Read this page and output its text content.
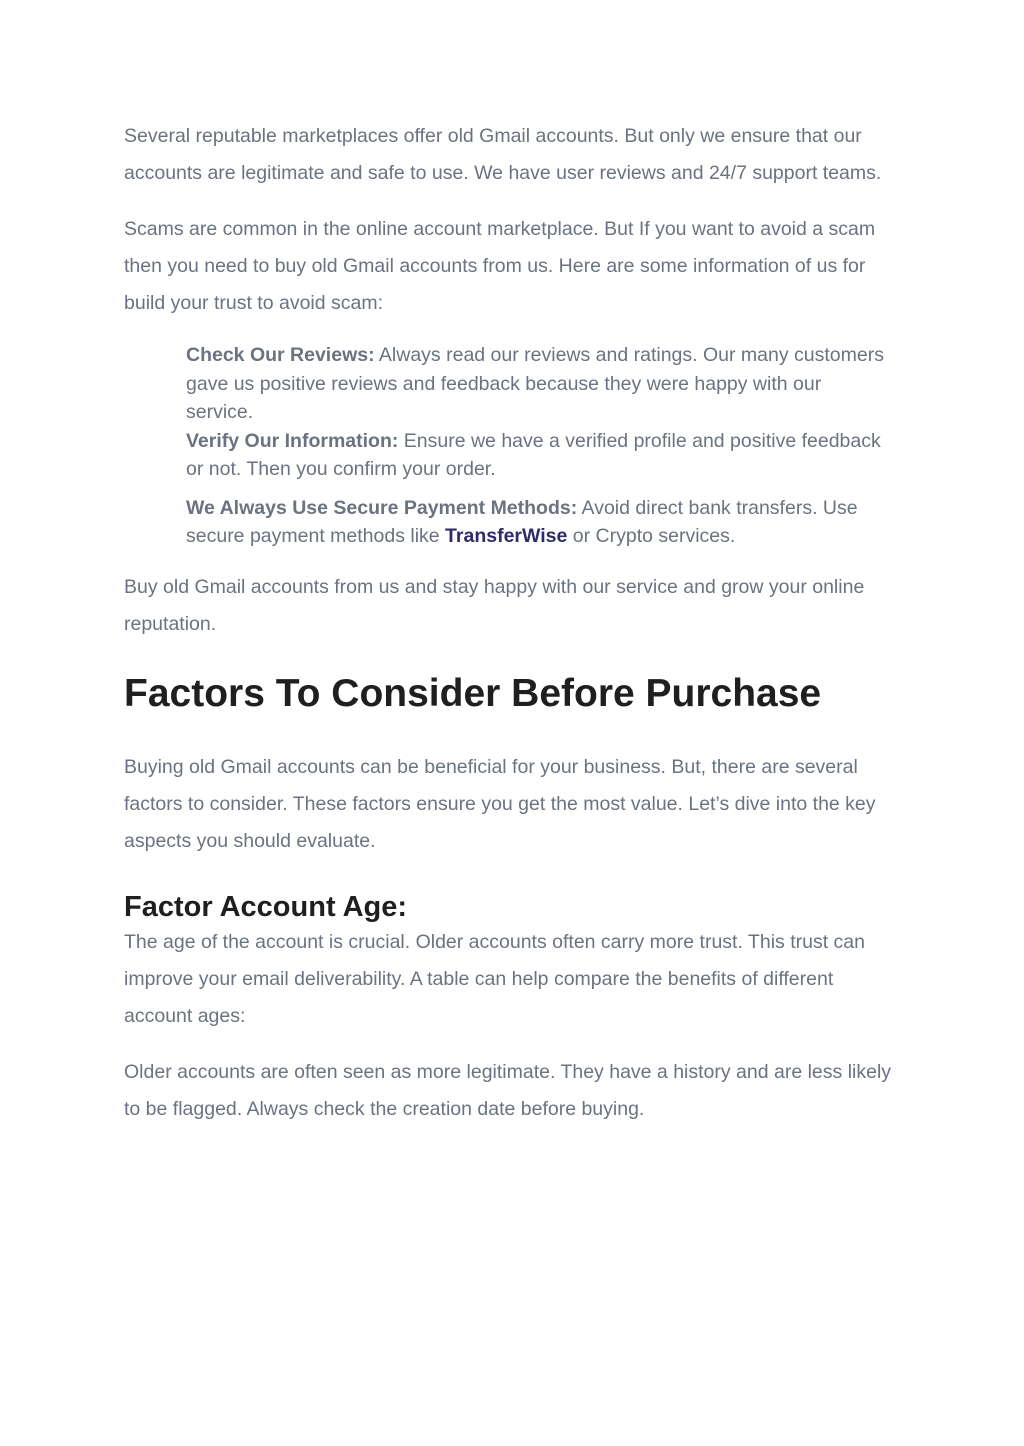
Several reputable marketplaces offer old Gmail accounts. But only we ensure that our accounts are legitimate and safe to use. We have user reviews and 24/7 support teams.

Scams are common in the online account marketplace. But If you want to avoid a scam then you need to buy old Gmail accounts from us. Here are some information of us for build your trust to avoid scam:

Check Our Reviews: Always read our reviews and ratings. Our many customers gave us positive reviews and feedback because they were happy with our service.
Verify Our Information: Ensure we have a verified profile and positive feedback or not. Then you confirm your order.
We Always Use Secure Payment Methods: Avoid direct bank transfers. Use secure payment methods like TransferWise or Crypto services.

Buy old Gmail accounts from us and stay happy with our service and grow your online reputation.

Factors To Consider Before Purchase

Buying old Gmail accounts can be beneficial for your business. But, there are several factors to consider. These factors ensure you get the most value. Let’s dive into the key aspects you should evaluate.

Factor Account Age:

The age of the account is crucial. Older accounts often carry more trust. This trust can improve your email deliverability. A table can help compare the benefits of different account ages:

Older accounts are often seen as more legitimate. They have a history and are less likely to be flagged. Always check the creation date before buying.
